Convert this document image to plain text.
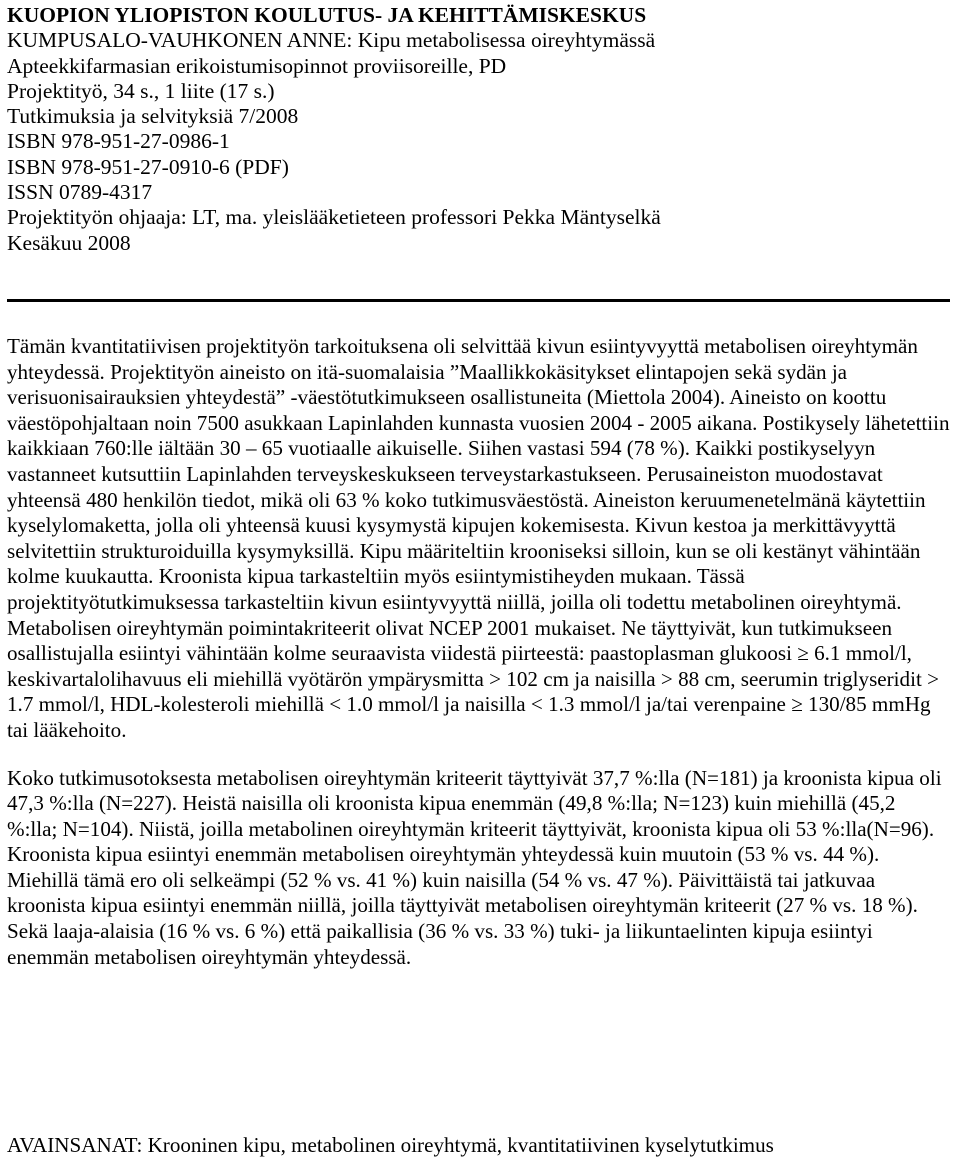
KUOPION YLIOPISTON KOULUTUS- JA KEHITTÄMISKESKUS
KUMPUSALO-VAUHKONEN ANNE: Kipu metabolisessa oireyhtymässä
Apteekkifarmasian erikoistumisopinnot proviisoreille, PD
Projektityö, 34 s., 1 liite (17 s.)
Tutkimuksia ja selvityksiä 7/2008
ISBN 978-951-27-0986-1
ISBN 978-951-27-0910-6 (PDF)
ISSN 0789-4317
Projektityön ohjaaja: LT, ma. yleislääketieteen professori Pekka Mäntyselkä
Kesäkuu 2008

Tämän kvantitatiivisen projektityön tarkoituksena oli selvittää kivun esiintyvyyttä metabolisen oireyhtymän yhteydessä. Projektityön aineisto on itä-suomalaisia ”Maallikkokäsitykset elintapojen sekä sydän ja verisuonisairauksien yhteydestä” -väestötutkimukseen osallistuneita (Miettola 2004). Aineisto on koottu väestöpohjaltaan noin 7500 asukkaan Lapinlahden kunnasta vuosien 2004 - 2005 aikana. Postikysely lähetettiin kaikkiaan 760:lle iältään 30 – 65 vuotiaalle aikuiselle. Siihen vastasi 594 (78 %). Kaikki postikyselyyn vastanneet kutsuttiin Lapinlahden terveyskeskukseen terveystarkastukseen. Perusaineiston muodostavat yhteensä 480 henkilön tiedot, mikä oli 63 % koko tutkimusväestöstä. Aineiston keruumenetelmänä käytettiin kyselylomaketta, jolla oli yhteensä kuusi kysymystä kipujen kokemisesta. Kivun kestoa ja merkittävyyttä selvitettiin strukturoiduilla kysymyksillä. Kipu määriteltiin krooniseksi silloin, kun se oli kestänyt vähintään kolme kuukautta. Kroonista kipua tarkasteltiin myös esiintymistiheyden mukaan. Tässä projektityötutkimuksessa tarkasteltiin kivun esiintyvyyttä niillä, joilla oli todettu metabolinen oireyhtymä. Metabolisen oireyhtymän poimintakriteerit olivat NCEP 2001 mukaiset. Ne täyttyivät, kun tutkimukseen osallistujalla esiintyi vähintään kolme seuraavista viidestä piirteestä: paastoplasman glukoosi ≥ 6.1 mmol/l, keskivartalolihavuus eli miehillä vyötärön ympärysmitta > 102 cm ja naisilla > 88 cm, seerumin triglyseridit > 1.7 mmol/l, HDL-kolesteroli miehillä < 1.0 mmol/l ja naisilla < 1.3 mmol/l ja/tai verenpaine ≥ 130/85 mmHg tai lääkehoito.

Koko tutkimusotoksesta metabolisen oireyhtymän kriteerit täyttyivät 37,7 %:lla (N=181) ja kroonista kipua oli 47,3 %:lla (N=227). Heistä naisilla oli kroonista kipua enemmän (49,8 %:lla; N=123) kuin miehillä (45,2 %:lla; N=104). Niistä, joilla metabolinen oireyhtymän kriteerit täyttyivät, kroonista kipua oli 53 %:lla(N=96). Kroonista kipua esiintyi enemmän metabolisen oireyhtymän yhteydessä kuin muutoin (53 % vs. 44 %). Miehillä tämä ero oli selkeämpi (52 % vs. 41 %) kuin naisilla (54 % vs. 47 %). Päivittäistä tai jatkuvaa kroonista kipua esiintyi enemmän niillä, joilla täyttyivät metabolisen oireyhtymän kriteerit (27 % vs. 18 %). Sekä laaja-alaisia (16 % vs. 6 %) että paikallisia (36 % vs. 33 %) tuki- ja liikuntaelinten kipuja esiintyi enemmän metabolisen oireyhtymän yhteydessä.

AVAINSANAT: Krooninen kipu, metabolinen oireyhtymä, kvantitatiivinen kyselytutkimus
